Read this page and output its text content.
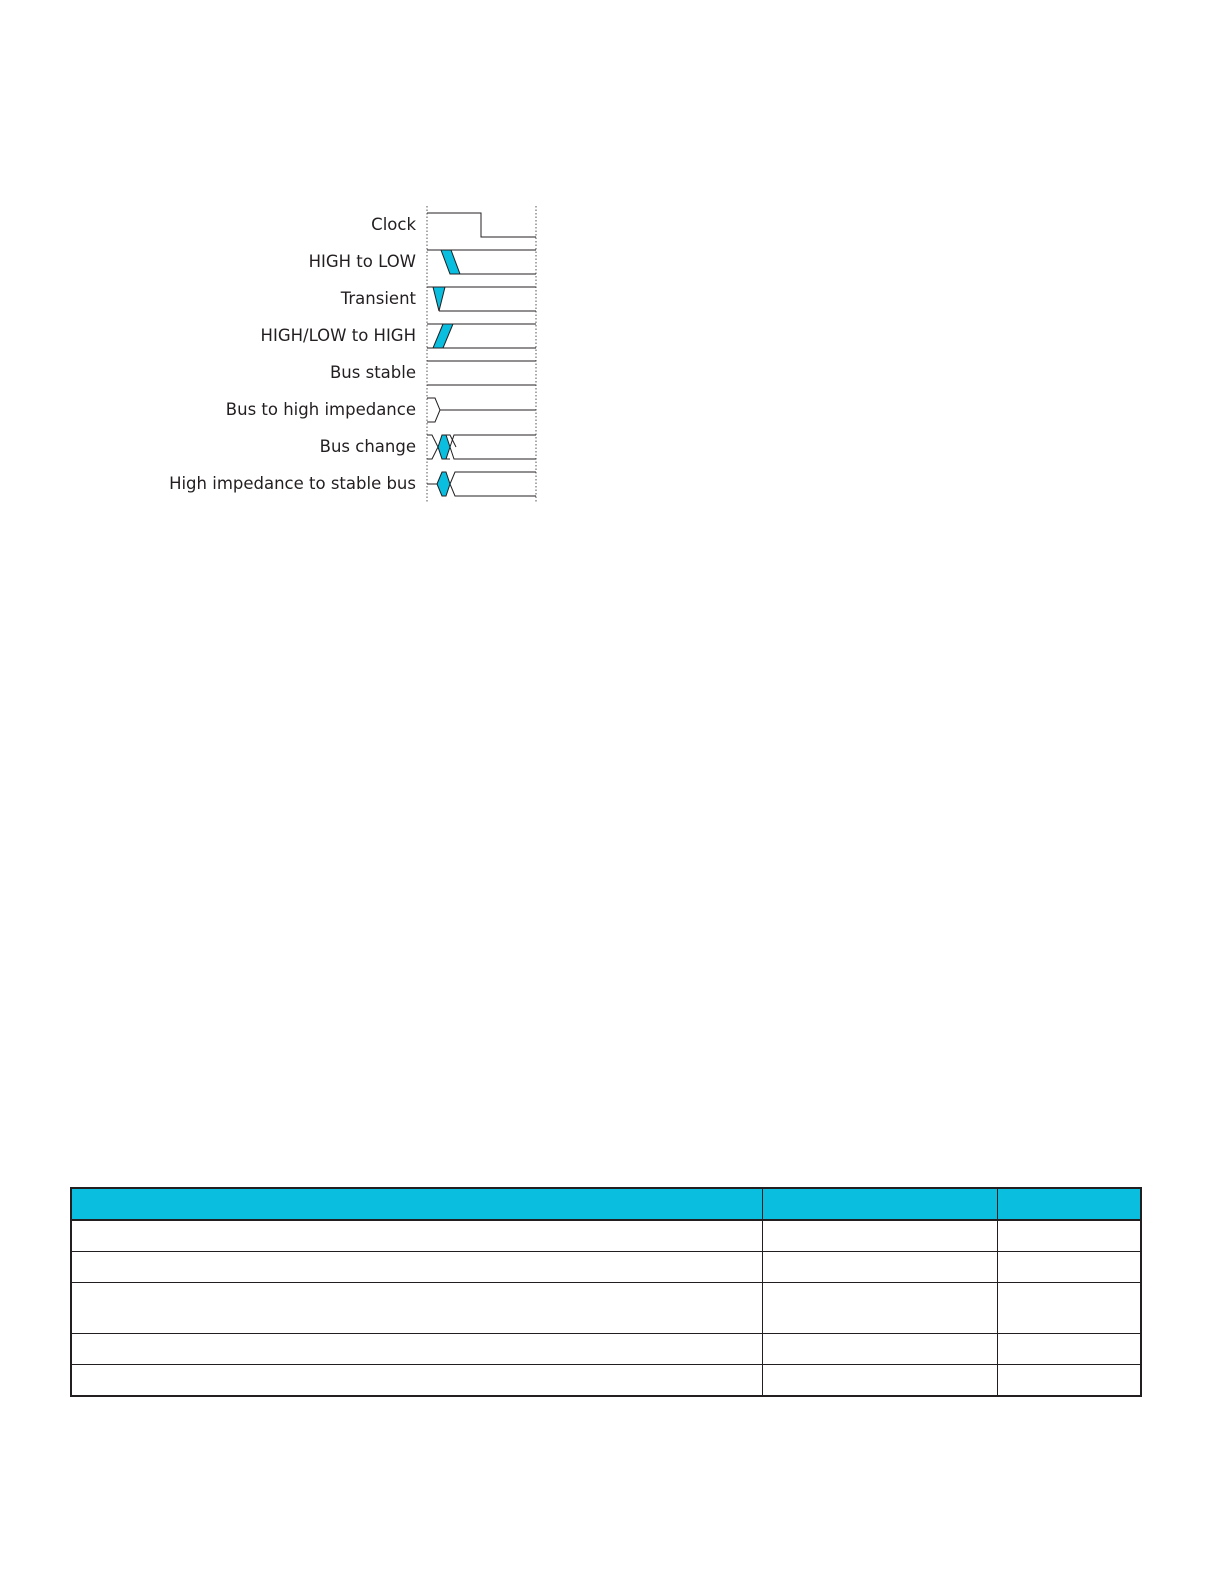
Clock
HIGH to LOW
Transient
HIGH/LOW to HIGH
Bus stable
Bus to high impedance
Bus change
High impedance to stable bus
